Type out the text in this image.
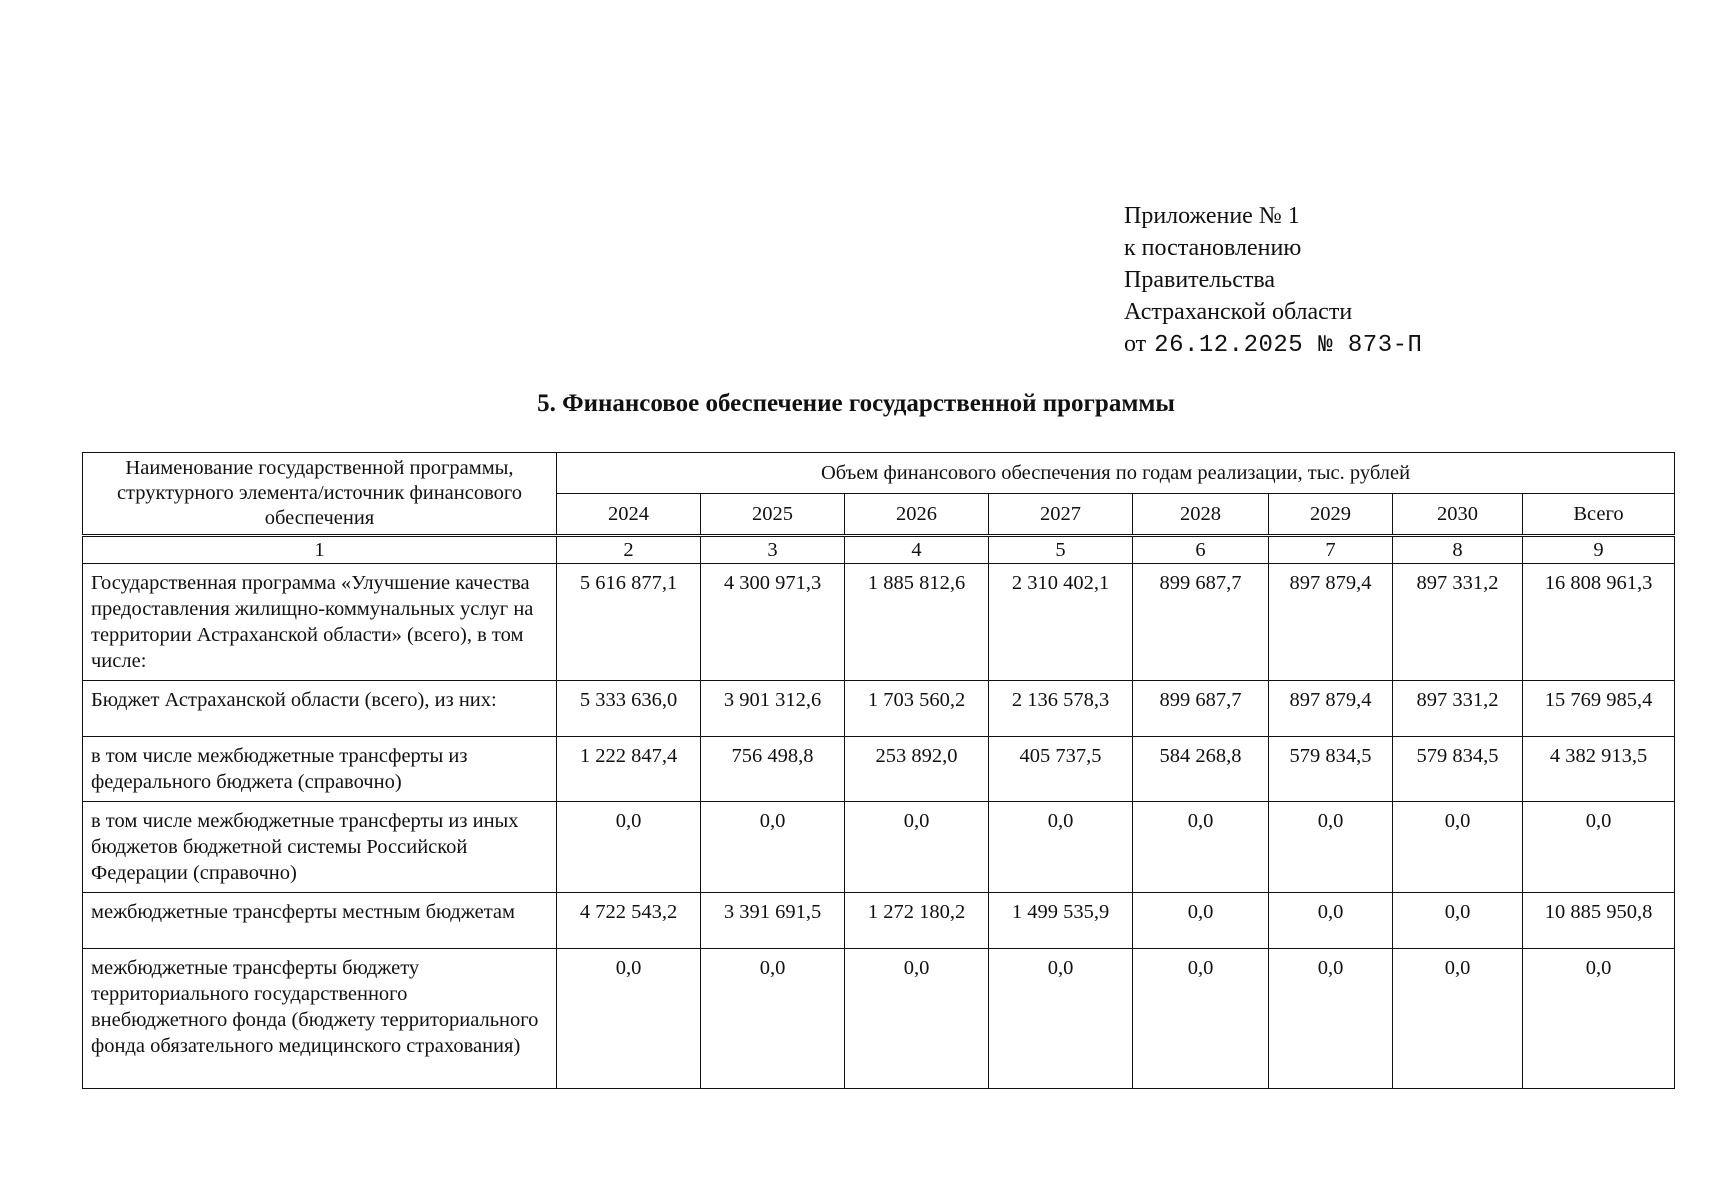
Приложение № 1
к постановлению
Правительства
Астраханской области
от 26.12.2025 № 873-П
5. Финансовое обеспечение государственной программы
Наименование государственной программы, структурного элемента/источник финансового обеспечения	Объем финансового обеспечения по годам реализации, тыс. рублей							
	2024	2025	2026	2027	2028	2029	2030	Всего
1	2	3	4	5	6	7	8	9
Государственная программа «Улучшение качества предоставления жилищно-коммунальных услуг на территории Астраханской области» (всего), в том числе:	5 616 877,1	4 300 971,3	1 885 812,6	2 310 402,1	899 687,7	897 879,4	897 331,2	16 808 961,3
Бюджет Астраханской области (всего), из них:	5 333 636,0	3 901 312,6	1 703 560,2	2 136 578,3	899 687,7	897 879,4	897 331,2	15 769 985,4
в том числе межбюджетные трансферты из федерального бюджета (справочно)	1 222 847,4	756 498,8	253 892,0	405 737,5	584 268,8	579 834,5	579 834,5	4 382 913,5
в том числе межбюджетные трансферты из иных бюджетов бюджетной системы Российской Федерации (справочно)	0,0	0,0	0,0	0,0	0,0	0,0	0,0	0,0
межбюджетные трансферты местным бюджетам	4 722 543,2	3 391 691,5	1 272 180,2	1 499 535,9	0,0	0,0	0,0	10 885 950,8
межбюджетные трансферты бюджету территориального государственного внебюджетного фонда (бюджету территориального фонда обязательного медицинского страхования)	0,0	0,0	0,0	0,0	0,0	0,0	0,0	0,0
